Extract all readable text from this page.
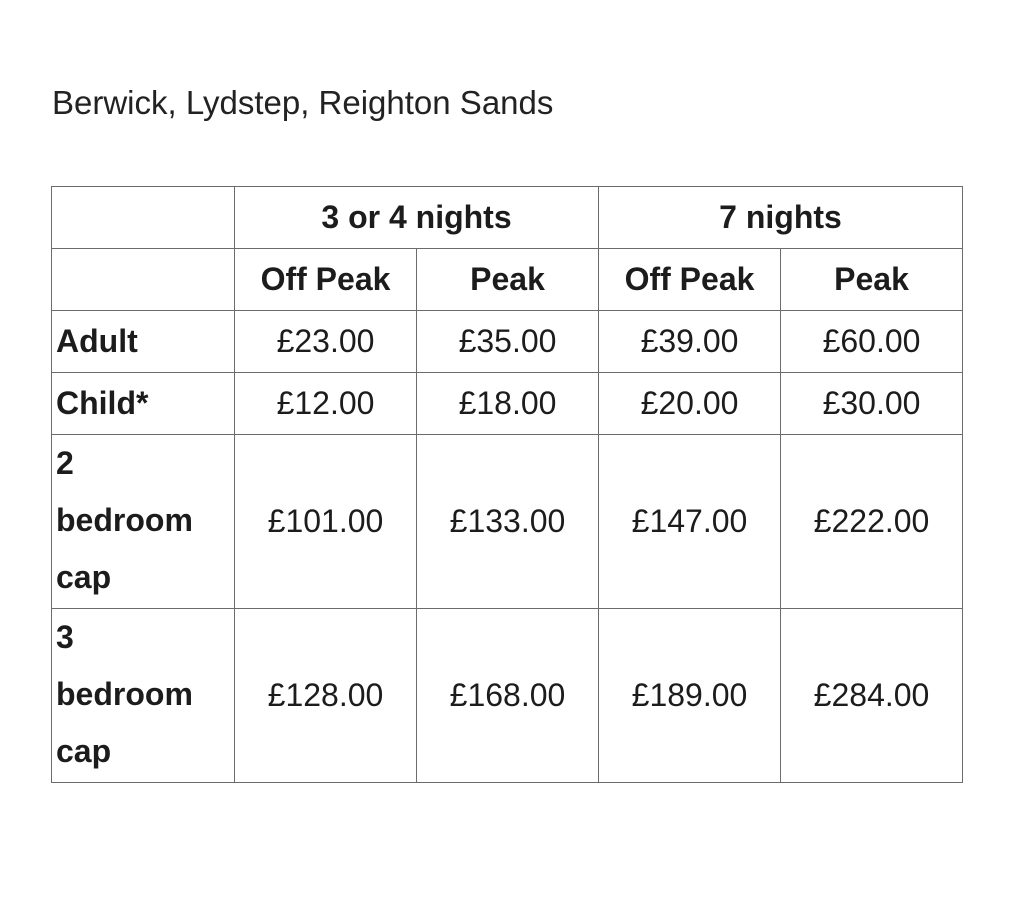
Berwick, Lydstep, Reighton Sands
	3 or 4 nights		7 nights	
	Off Peak	Peak	Off Peak	Peak
Adult	£23.00	£35.00	£39.00	£60.00
Child*	£12.00	£18.00	£20.00	£30.00
2
bedroom
cap	£101.00	£133.00	£147.00	£222.00
3
bedroom
cap	£128.00	£168.00	£189.00	£284.00
